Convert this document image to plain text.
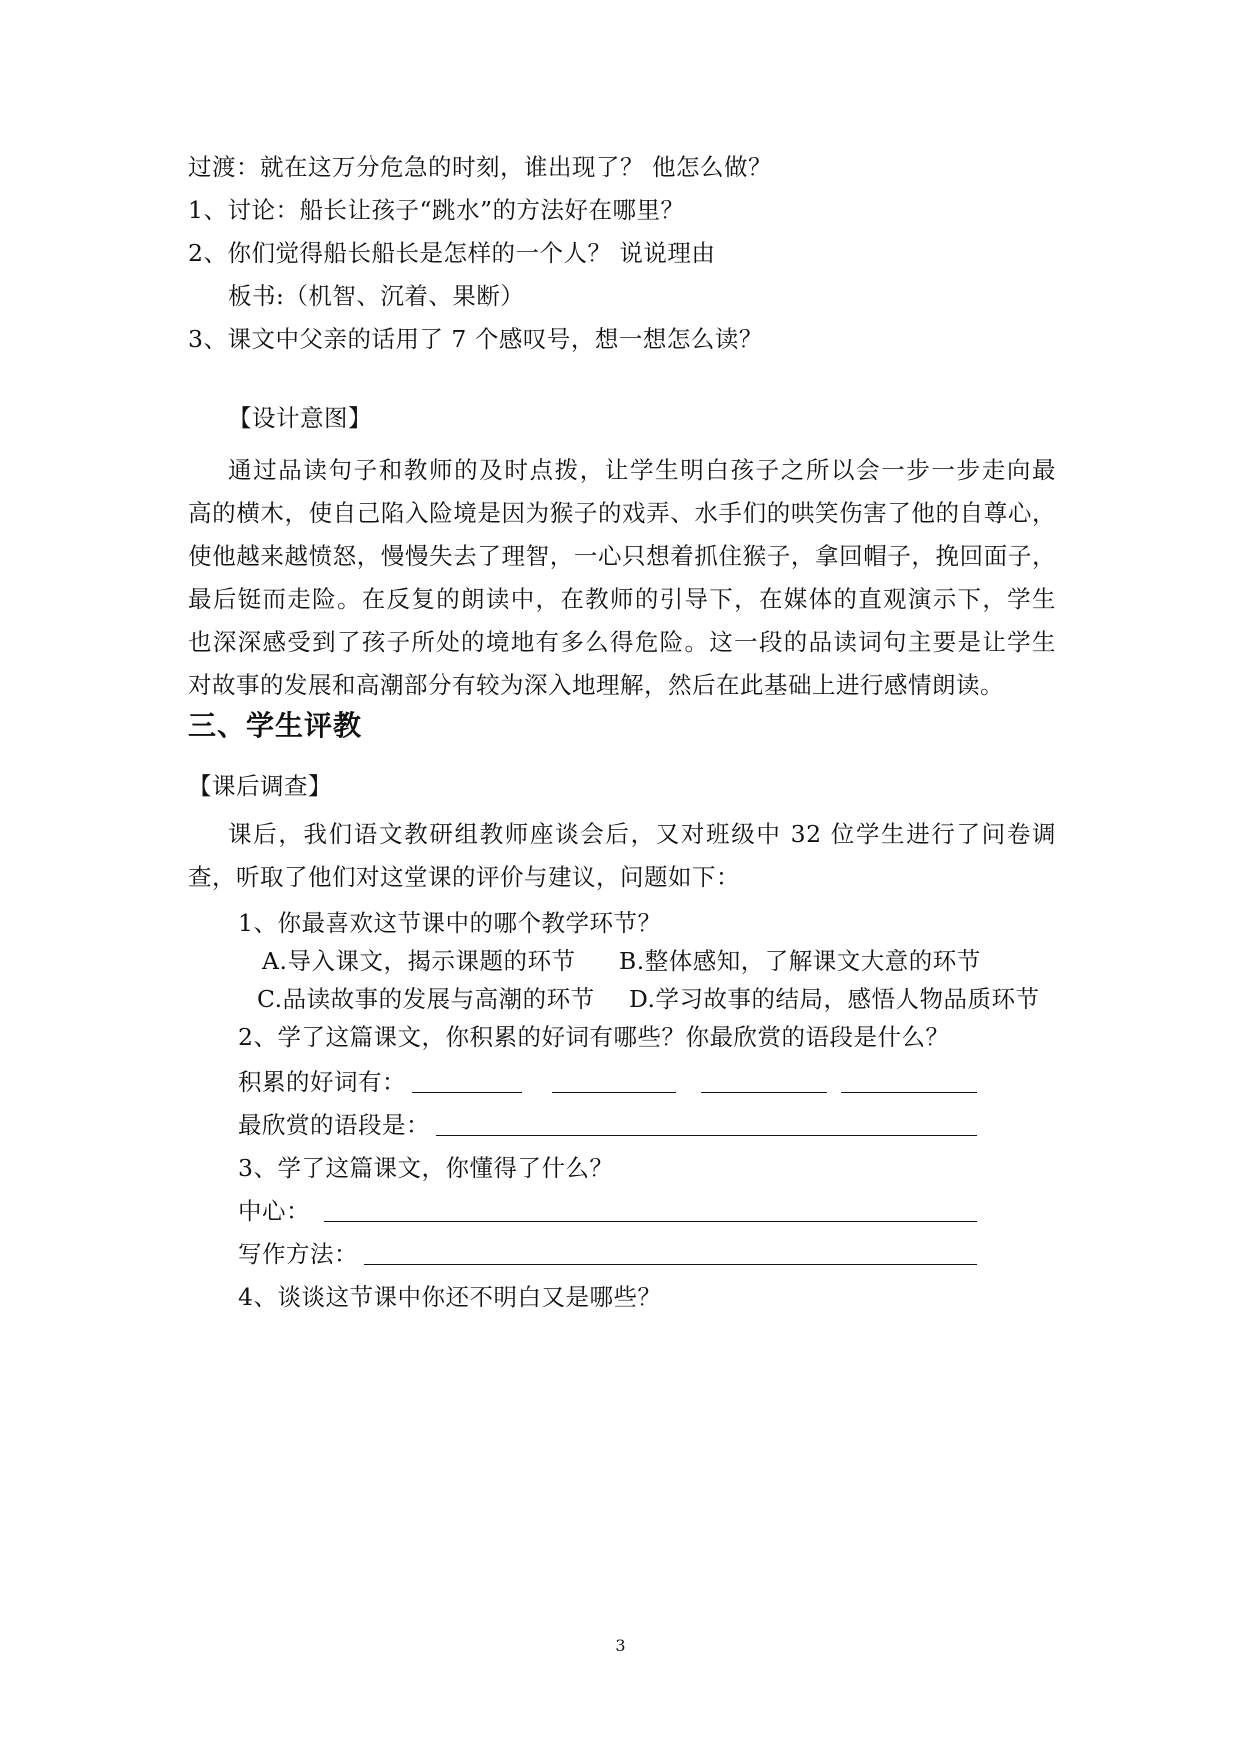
过渡：就在这万分危急的时刻，谁出现了？ 他怎么做？
1、讨论：船长让孩子“跳水”的方法好在哪里？
2、你们觉得船长船长是怎样的一个人？ 说说理由
板书:（机智、沉着、果断）
3、课文中父亲的话用了 7 个感叹号，想一想怎么读？
【设计意图】
通过品读句子和教师的及时点拨，让学生明白孩子之所以会一步一步走向最
高的横木，使自己陷入险境是因为猴子的戏弄、水手们的哄笑伤害了他的自尊心，
使他越来越愤怒，慢慢失去了理智，一心只想着抓住猴子，拿回帽子，挽回面子，
最后铤而走险。在反复的朗读中，在教师的引导下，在媒体的直观演示下，学生
也深深感受到了孩子所处的境地有多么得危险。这一段的品读词句主要是让学生
对故事的发展和高潮部分有较为深入地理解，然后在此基础上进行感情朗读。
三、学生评教
【课后调查】
课后，我们语文教研组教师座谈会后，又对班级中 32 位学生进行了问卷调
查，听取了他们对这堂课的评价与建议，问题如下：
1、你最喜欢这节课中的哪个教学环节？
A.导入课文，揭示课题的环节 B.整体感知，了解课文大意的环节
C.品读故事的发展与高潮的环节 D.学习故事的结局，感悟人物品质环节
2、学了这篇课文，你积累的好词有哪些？你最欣赏的语段是什么？
积累的好词有：
最欣赏的语段是：
3、学了这篇课文，你懂得了什么？
中心：
写作方法：
4、谈谈这节课中你还不明白又是哪些？
3
